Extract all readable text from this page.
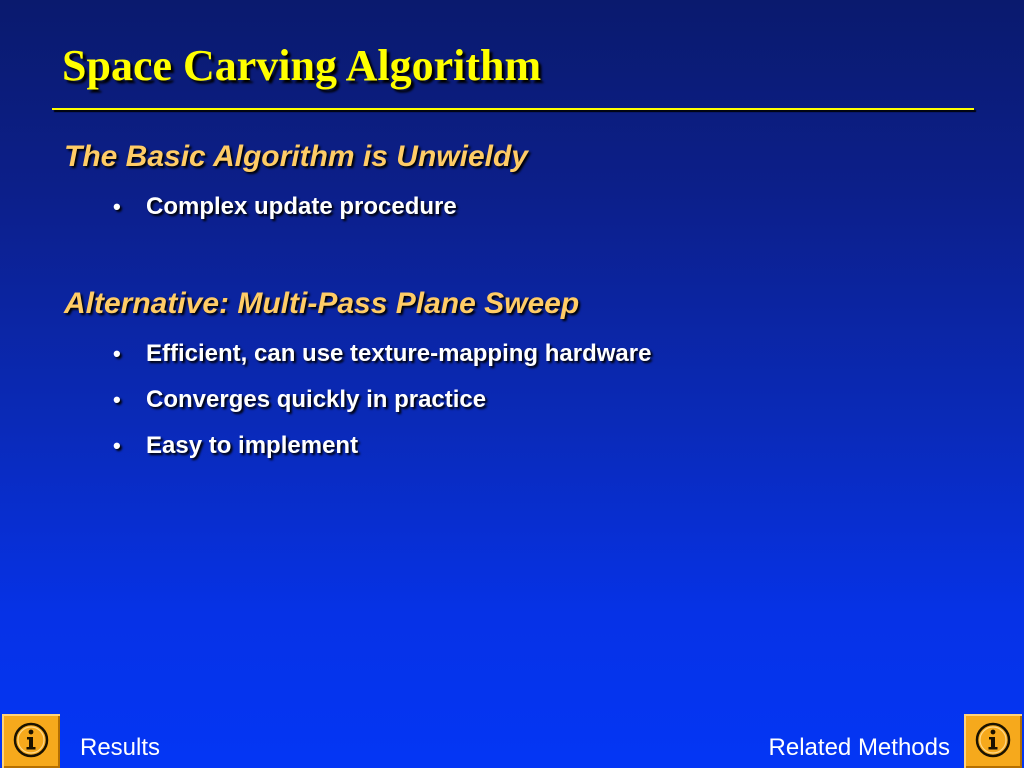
Space Carving Algorithm
The Basic Algorithm is Unwieldy
• Complex update procedure
Alternative: Multi-Pass Plane Sweep
• Efficient, can use texture-mapping hardware
• Converges quickly in practice
• Easy to implement
Results	Related Methods
